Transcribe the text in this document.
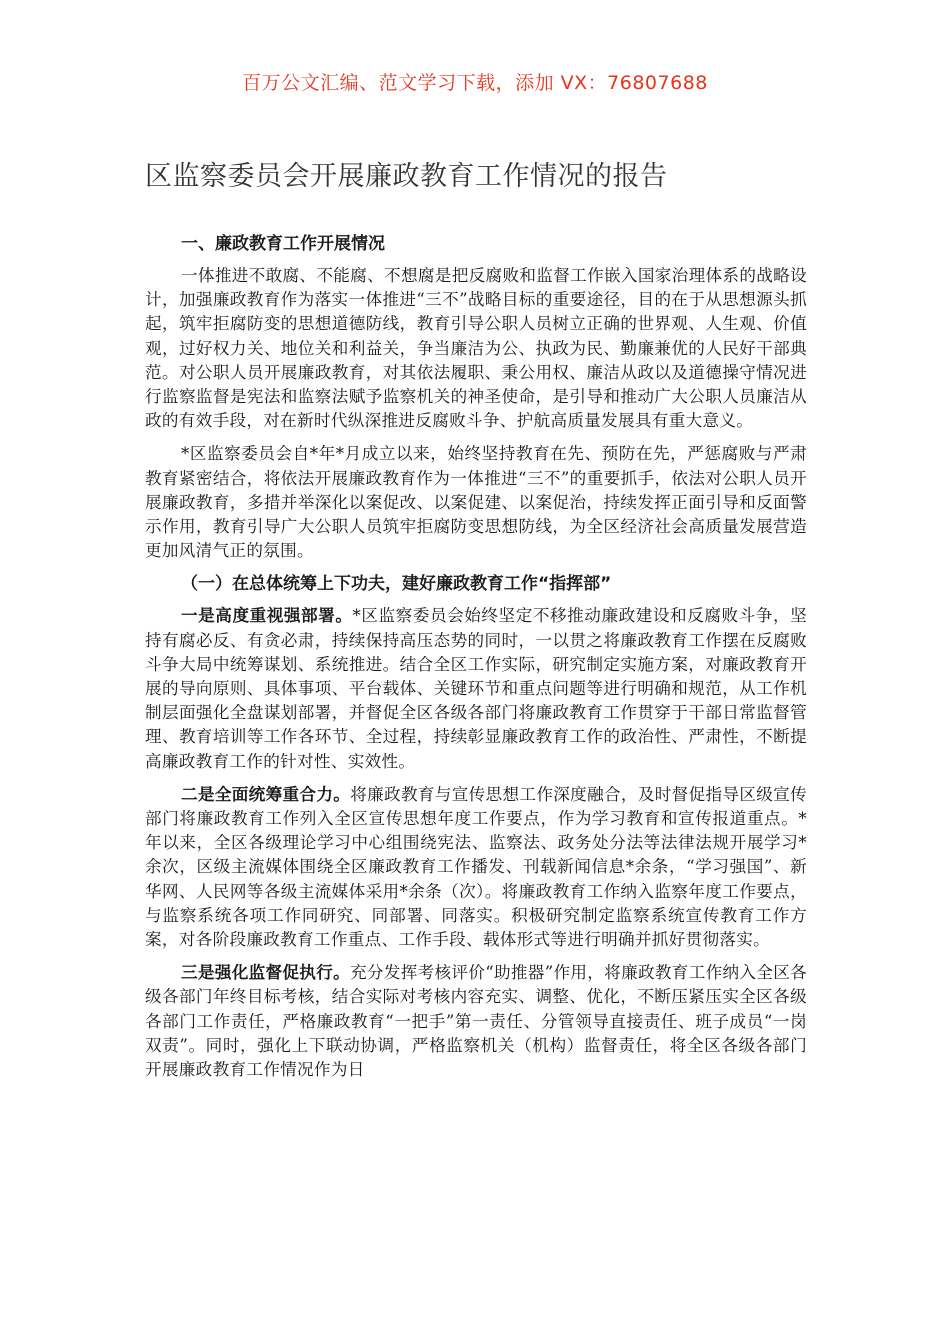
百万公文汇编、范文学习下载，添加 VX：76807688
区监察委员会开展廉政教育工作情况的报告
一、廉政教育工作开展情况

一体推进不敢腐、不能腐、不想腐是把反腐败和监督工作嵌入国家治理体系的战略设计，加强廉政教育作为落实一体推进“三不”战略目标的重要途径，目的在于从思想源头抓起，筑牢拒腐防变的思想道德防线，教育引导公职人员树立正确的世界观、人生观、价值观，过好权力关、地位关和利益关，争当廉洁为公、执政为民、勤廉兼优的人民好干部典范。对公职人员开展廉政教育，对其依法履职、秉公用权、廉洁从政以及道德操守情况进行监察监督是宪法和监察法赋予监察机关的神圣使命，是引导和推动广大公职人员廉洁从政的有效手段，对在新时代纵深推进反腐败斗争、护航高质量发展具有重大意义。

*区监察委员会自*年*月成立以来，始终坚持教育在先、预防在先，严惩腐败与严肃教育紧密结合，将依法开展廉政教育作为一体推进“三不”的重要抓手，依法对公职人员开展廉政教育，多措并举深化以案促改、以案促建、以案促治，持续发挥正面引导和反面警示作用，教育引导广大公职人员筑牢拒腐防变思想防线，为全区经济社会高质量发展营造更加风清气正的氛围。

（一）在总体统筹上下功夫，建好廉政教育工作“指挥部”

一是高度重视强部署。*区监察委员会始终坚定不移推动廉政建设和反腐败斗争，坚持有腐必反、有贪必肃，持续保持高压态势的同时，一以贯之将廉政教育工作摆在反腐败斗争大局中统筹谋划、系统推进。结合全区工作实际，研究制定实施方案，对廉政教育开展的导向原则、具体事项、平台载体、关键环节和重点问题等进行明确和规范，从工作机制层面强化全盘谋划部署，并督促全区各级各部门将廉政教育工作贯穿于干部日常监督管理、教育培训等工作各环节、全过程，持续彰显廉政教育工作的政治性、严肃性，不断提高廉政教育工作的针对性、实效性。

二是全面统筹重合力。将廉政教育与宣传思想工作深度融合，及时督促指导区级宣传部门将廉政教育工作列入全区宣传思想年度工作要点，作为学习教育和宣传报道重点。*年以来，全区各级理论学习中心组围绕宪法、监察法、政务处分法等法律法规开展学习*余次，区级主流媒体围绕全区廉政教育工作播发、刊载新闻信息*余条，“学习强国”、新华网、人民网等各级主流媒体采用*余条（次）。将廉政教育工作纳入监察年度工作要点，与监察系统各项工作同研究、同部署、同落实。积极研究制定监察系统宣传教育工作方案，对各阶段廉政教育工作重点、工作手段、载体形式等进行明确并抓好贯彻落实。

三是强化监督促执行。充分发挥考核评价“助推器”作用，将廉政教育工作纳入全区各级各部门年终目标考核，结合实际对考核内容充实、调整、优化，不断压紧压实全区各级各部门工作责任，严格廉政教育“一把手”第一责任、分管领导直接责任、班子成员“一岗双责”。同时，强化上下联动协调，严格监察机关（机构）监督责任，将全区各级各部门开展廉政教育工作情况作为日
